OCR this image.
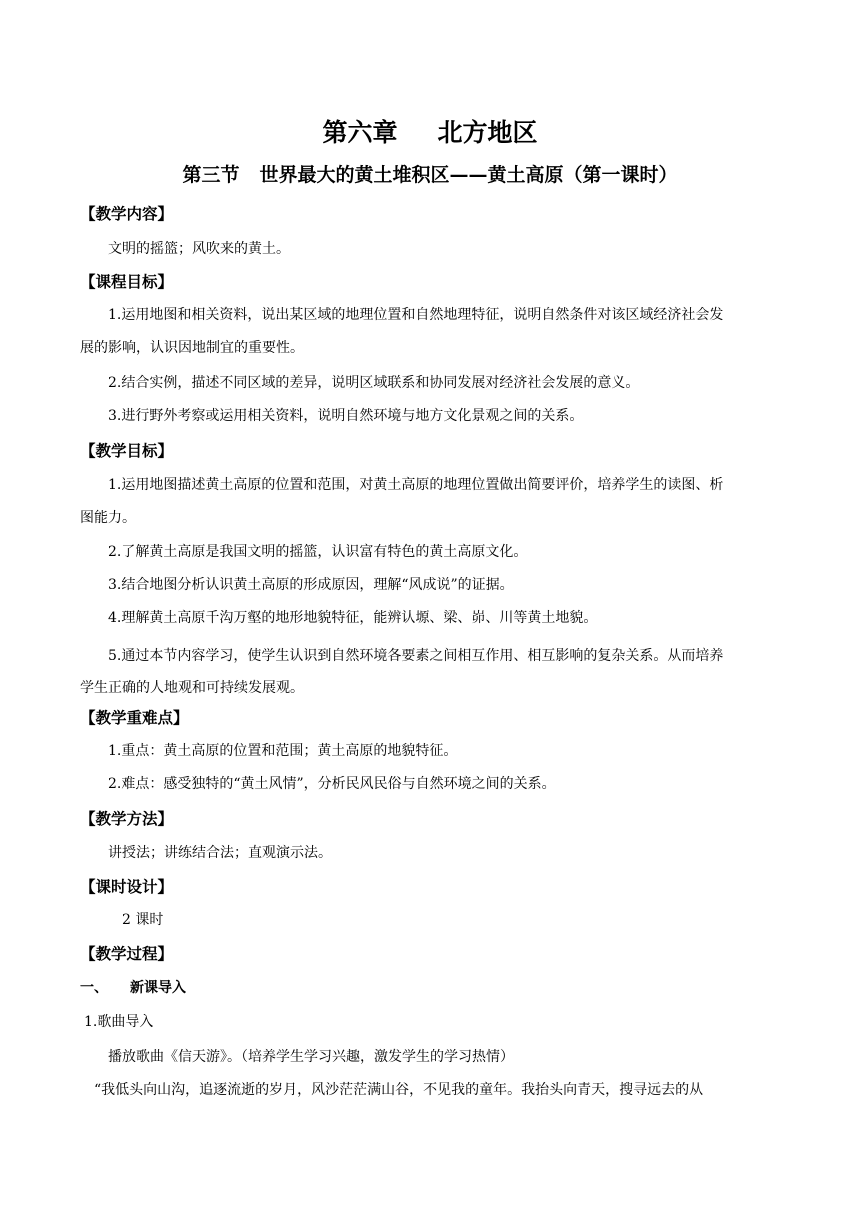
第六章 北方地区
第三节 世界最大的黄土堆积区——黄土高原（第一课时）
【教学内容】
文明的摇篮；风吹来的黄土。
【课程目标】
1.运用地图和相关资料，说出某区域的地理位置和自然地理特征，说明自然条件对该区域经济社会发
展的影响，认识因地制宜的重要性。
2.结合实例，描述不同区域的差异，说明区域联系和协同发展对经济社会发展的意义。
3.进行野外考察或运用相关资料，说明自然环境与地方文化景观之间的关系。
【教学目标】
1.运用地图描述黄土高原的位置和范围，对黄土高原的地理位置做出简要评价，培养学生的读图、析
图能力。
2.了解黄土高原是我国文明的摇篮，认识富有特色的黄土高原文化。
3.结合地图分析认识黄土高原的形成原因，理解“风成说”的证据。
4.理解黄土高原千沟万壑的地形地貌特征，能辨认塬、梁、峁、川等黄土地貌。
5.通过本节内容学习，使学生认识到自然环境各要素之间相互作用、相互影响的复杂关系。从而培养
学生正确的人地观和可持续发展观。
【教学重难点】
1.重点：黄土高原的位置和范围；黄土高原的地貌特征。
2.难点：感受独特的“黄土风情”，分析民风民俗与自然环境之间的关系。
【教学方法】
讲授法；讲练结合法；直观演示法。
【课时设计】
2 课时
【教学过程】
一、 新课导入
1.歌曲导入
播放歌曲《信天游》。（培养学生学习兴趣，激发学生的学习热情）
“我低头向山沟，追逐流逝的岁月，风沙茫茫满山谷，不见我的童年。我抬头向青天，搜寻远去的从
